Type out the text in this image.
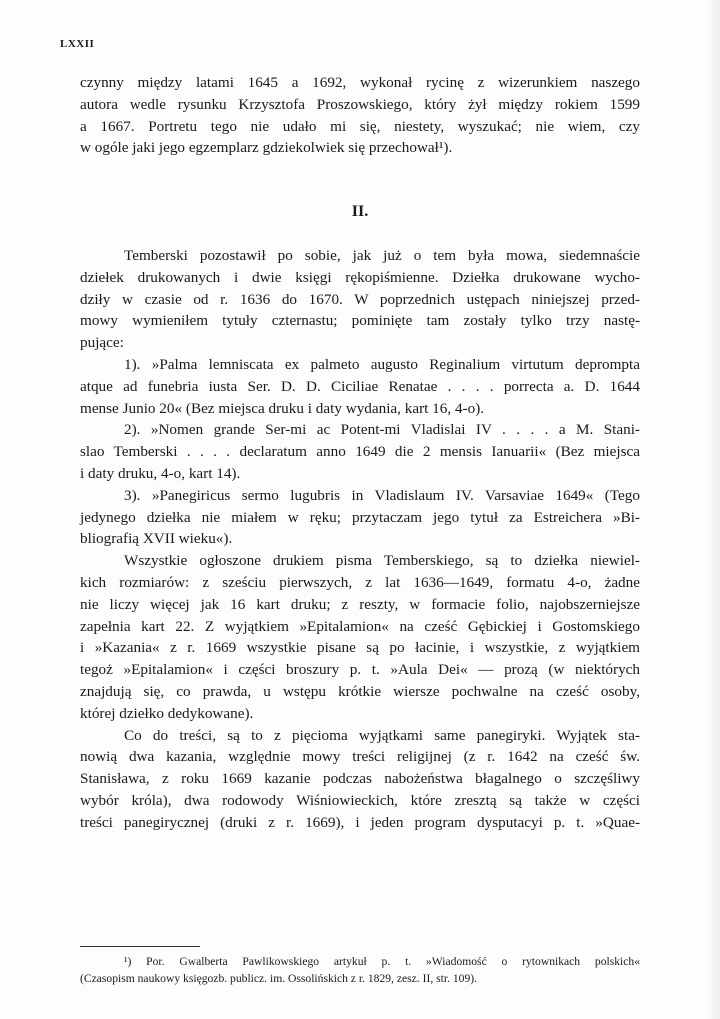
LXXII
czynny między latami 1645 a 1692, wykonał rycinę z wizerunkiem naszego
autora wedle rysunku Krzysztofa Proszowskiego, który żył między rokiem 1599
a 1667. Portretu tego nie udało mi się, niestety, wyszukać; nie wiem, czy
w ogóle jaki jego egzemplarz gdziekolwiek się przechował¹).
II.
Temberski pozostawił po sobie, jak już o tem była mowa, siedemnaście
dziełek drukowanych i dwie księgi rękopiśmienne. Dziełka drukowane wycho-
dziły w czasie od r. 1636 do 1670. W poprzednich ustępach niniejszej przed-
mowy wymieniłem tytuły czternastu; pominięte tam zostały tylko trzy nastę-
pujące:
1). »Palma lemniscata ex palmeto augusto Reginalium virtutum deprompta
atque ad funebria iusta Ser. D. D. Ciciliae Renatae . . . . porrecta a. D. 1644
mense Junio 20« (Bez miejsca druku i daty wydania, kart 16, 4-o).
2). »Nomen grande Ser-mi ac Potent-mi Vladislai IV . . . . a M. Stani-
slao Temberski . . . . declaratum anno 1649 die 2 mensis Ianuarii« (Bez miejsca
i daty druku, 4-o, kart 14).
3). »Panegiricus sermo lugubris in Vladislaum IV. Varsaviae 1649« (Tego
jedynego dziełka nie miałem w ręku; przytaczam jego tytuł za Estreichera »Bi-
bliografią XVII wieku«).
Wszystkie ogłoszone drukiem pisma Temberskiego, są to dziełka niewiel-
kich rozmiarów: z sześciu pierwszych, z lat 1636—1649, formatu 4-o, żadne
nie liczy więcej jak 16 kart druku; z reszty, w formacie folio, najobszerniejsze
zapełnia kart 22. Z wyjątkiem »Epitalamion« na cześć Gębickiej i Gostomskiego
i »Kazania« z r. 1669 wszystkie pisane są po łacinie, i wszystkie, z wyjątkiem
tegoż »Epitalamion« i części broszury p. t. »Aula Dei« — prozą (w niektórych
znajdują się, co prawda, u wstępu krótkie wiersze pochwalne na cześć osoby,
której dziełko dedykowane).
Co do treści, są to z pięcioma wyjątkami same panegiryki. Wyjątek sta-
nowią dwa kazania, względnie mowy treści religijnej (z r. 1642 na cześć św.
Stanisława, z roku 1669 kazanie podczas nabożeństwa błagalnego o szczęśliwy
wybór króla), dwa rodowody Wiśniowieckich, które zresztą są także w części
treści panegirycznej (druki z r. 1669), i jeden program dysputacyi p. t. »Quae-
¹) Por. Gwalberta Pawlikowskiego artykuł p. t. »Wiadomość o rytownikach polskich«
(Czasopism naukowy księgozb. publicz. im. Ossolińskich z r. 1829, zesz. II, str. 109).
